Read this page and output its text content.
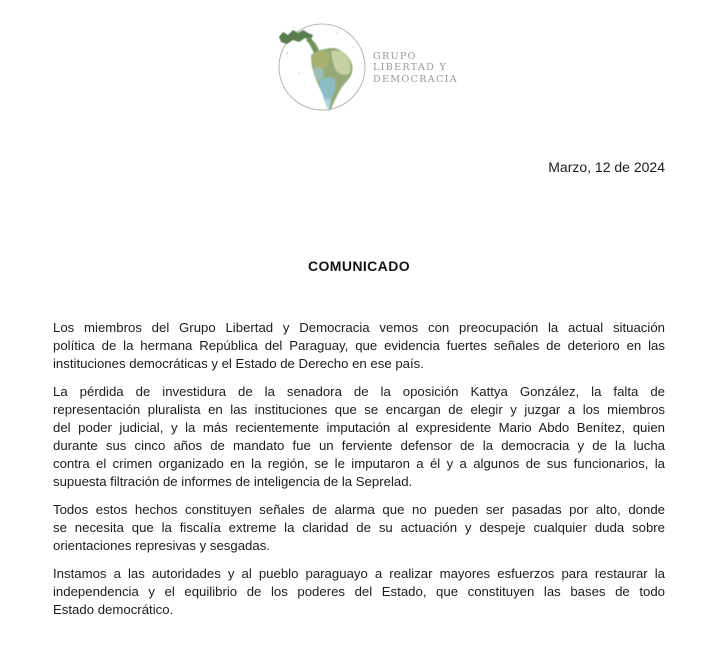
GRUPO
LIBERTAD Y
DEMOCRACIA
Marzo, 12 de 2024
COMUNICADO
Los miembros del Grupo Libertad y Democracia vemos con preocupación la actual situación
política de la hermana República del Paraguay, que evidencia fuertes señales de deterioro en las
instituciones democráticas y el Estado de Derecho en ese país.
La pérdida de investidura de la senadora de la oposición Kattya González, la falta de
representación pluralista en las instituciones que se encargan de elegir y juzgar a los miembros
del poder judicial, y la más recientemente imputación al expresidente Mario Abdo Benítez, quien
durante sus cinco años de mandato fue un ferviente defensor de la democracia y de la lucha
contra el crimen organizado en la región, se le imputaron a él y a algunos de sus funcionarios, la
supuesta filtración de informes de inteligencia de la Seprelad.
Todos estos hechos constituyen señales de alarma que no pueden ser pasadas por alto, donde
se necesita que la fiscalía extreme la claridad de su actuación y despeje cualquier duda sobre
orientaciones represivas y sesgadas.
Instamos a las autoridades y al pueblo paraguayo a realizar mayores esfuerzos para restaurar la
independencia y el equilibrio de los poderes del Estado, que constituyen las bases de todo
Estado democrático.
